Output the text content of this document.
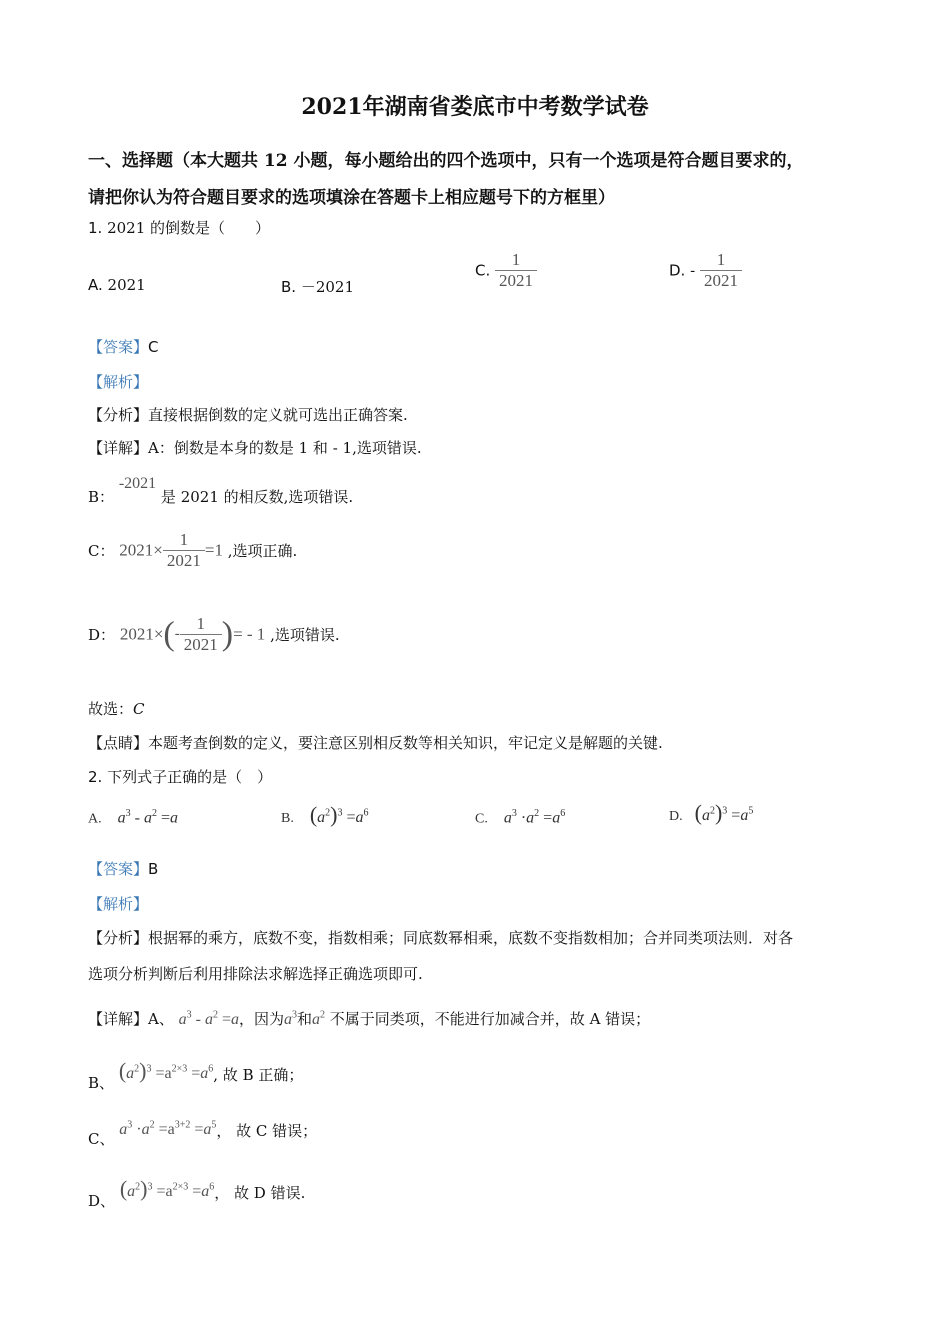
2021年湖南省娄底市中考数学试卷
一、选择题（本大题共 12 小题，每小题给出的四个选项中，只有一个选项是符合题目要求的，
请把你认为符合题目要求的选项填涂在答题卡上相应题号下的方框里）
1. 2021 的倒数是（　　）
A. 2021	B. －2021
C. $\frac{1}{2021}$	D. - $\frac{1}{2021}$
【答案】C
【解析】
【分析】直接根据倒数的定义就可选出正确答案.
【详解】A：倒数是本身的数是 1 和 - 1,选项错误.
B： -2021 是 2021 的相反数,选项错误.
C： $2021\times \frac{1}{2021} =1$ ,选项正确.
D： $2021\times(- \frac{1}{2021}$ )= - 1 ,选项错误.
故选：C
【点睛】本题考查倒数的定义，要注意区别相反数等相关知识，牢记定义是解题的关键.
2. 下列式子正确的是（　）
A. $a^3 - a^2 =a$	B. $(a^2)^3 =a^6$	C. $a^3 \cdot a^2 =a^6$	D. $(a^2)^3 =a^5$
【答案】B
【解析】
【分析】根据幂的乘方，底数不变，指数相乘；同底数幂相乘，底数不变指数相加；合并同类项法则．对各
选项分析判断后利用排除法求解选择正确选项即可.
【详解】A、 $a^3 - a^2 =a$，因为$a^3$和$a^2$ 不属于同类项，不能进行加减合并，故 A 错误；
B、 $(a^2)^3 =a^{2\times 3} =a^6$, 故 B 正确；
C、 $a^3 \cdot a^2 =a^{3+2} =a^5$， 故 C 错误；
D、 $(a^2)^3 =a^{2\times 3} =a^6$， 故 D 错误.
